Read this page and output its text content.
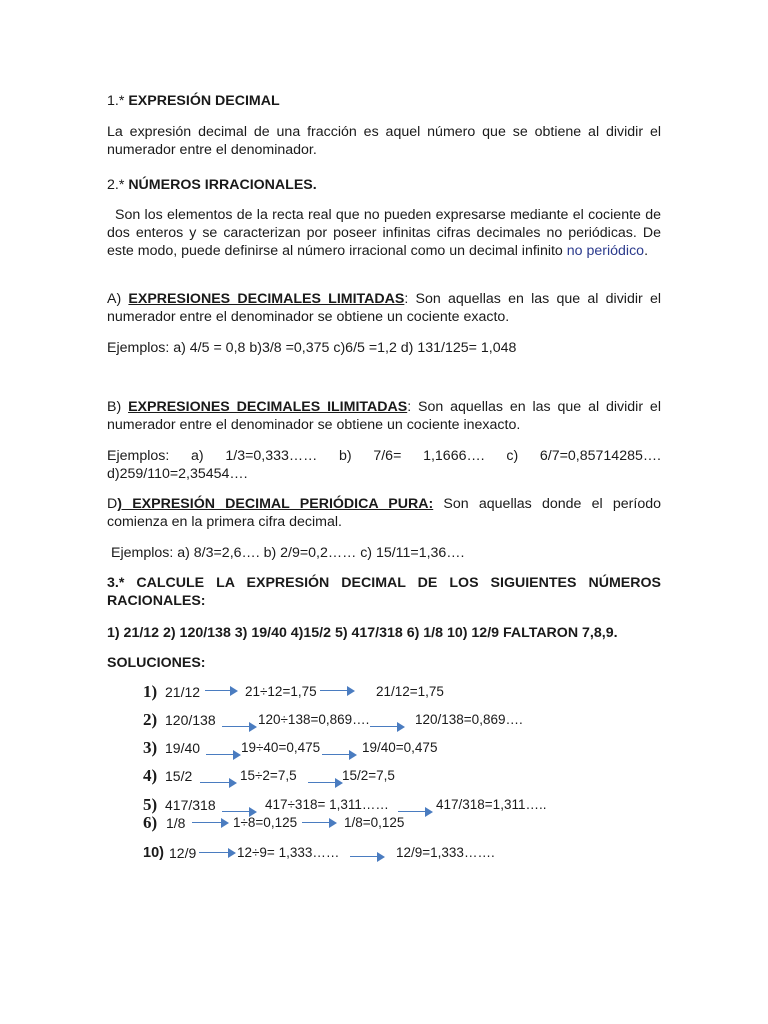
1.* EXPRESIÓN DECIMAL

La expresión decimal de una fracción es aquel número que se obtiene al dividir el numerador entre el denominador.

2.* NÚMEROS IRRACIONALES.

Son los elementos de la recta real que no pueden expresarse mediante el cociente de dos enteros y se caracterizan por poseer infinitas cifras decimales no periódicas. De este modo, puede definirse al número irracional como un decimal infinito no periódico.

A) EXPRESIONES DECIMALES LIMITADAS: Son aquellas en las que al dividir el numerador entre el denominador se obtiene un cociente exacto.

Ejemplos: a) 4/5 = 0,8 b)3/8 =0,375 c)6/5 =1,2 d) 131/125= 1,048

B) EXPRESIONES DECIMALES ILIMITADAS: Son aquellas en las que al dividir el numerador entre el denominador se obtiene un cociente inexacto.

Ejemplos: a) 1/3=0,333…… b) 7/6= 1,1666…. c) 6/7=0,85714285….

d)259/110=2,35454….

D) EXPRESIÓN DECIMAL PERIÓDICA PURA: Son aquellas donde el período comienza en la primera cifra decimal.

Ejemplos: a) 8/3=2,6…. b) 2/9=0,2…… c) 15/11=1,36….

3.* CALCULE LA EXPRESIÓN DECIMAL DE LOS SIGUIENTES NÚMEROS RACIONALES:

1) 21/12 2) 120/138 3) 19/40 4)15/2 5) 417/318 6) 1/8 10) 12/9 FALTARON 7,8,9.

SOLUCIONES:

1) 21/12	21÷12=1,75	21/12=1,75
2) 120/138	120÷138=0,869….	120/138=0,869….
3) 19/40	19÷40=0,475	19/40=0,475
4) 15/2	15÷2=7,5	15/2=7,5
5) 417/318	417÷318= 1,311……	417/318=1,311…..
6) 1/8	1÷8=0,125	1/8=0,125
10) 12/9	12÷9= 1,333……	12/9=1,333…….
